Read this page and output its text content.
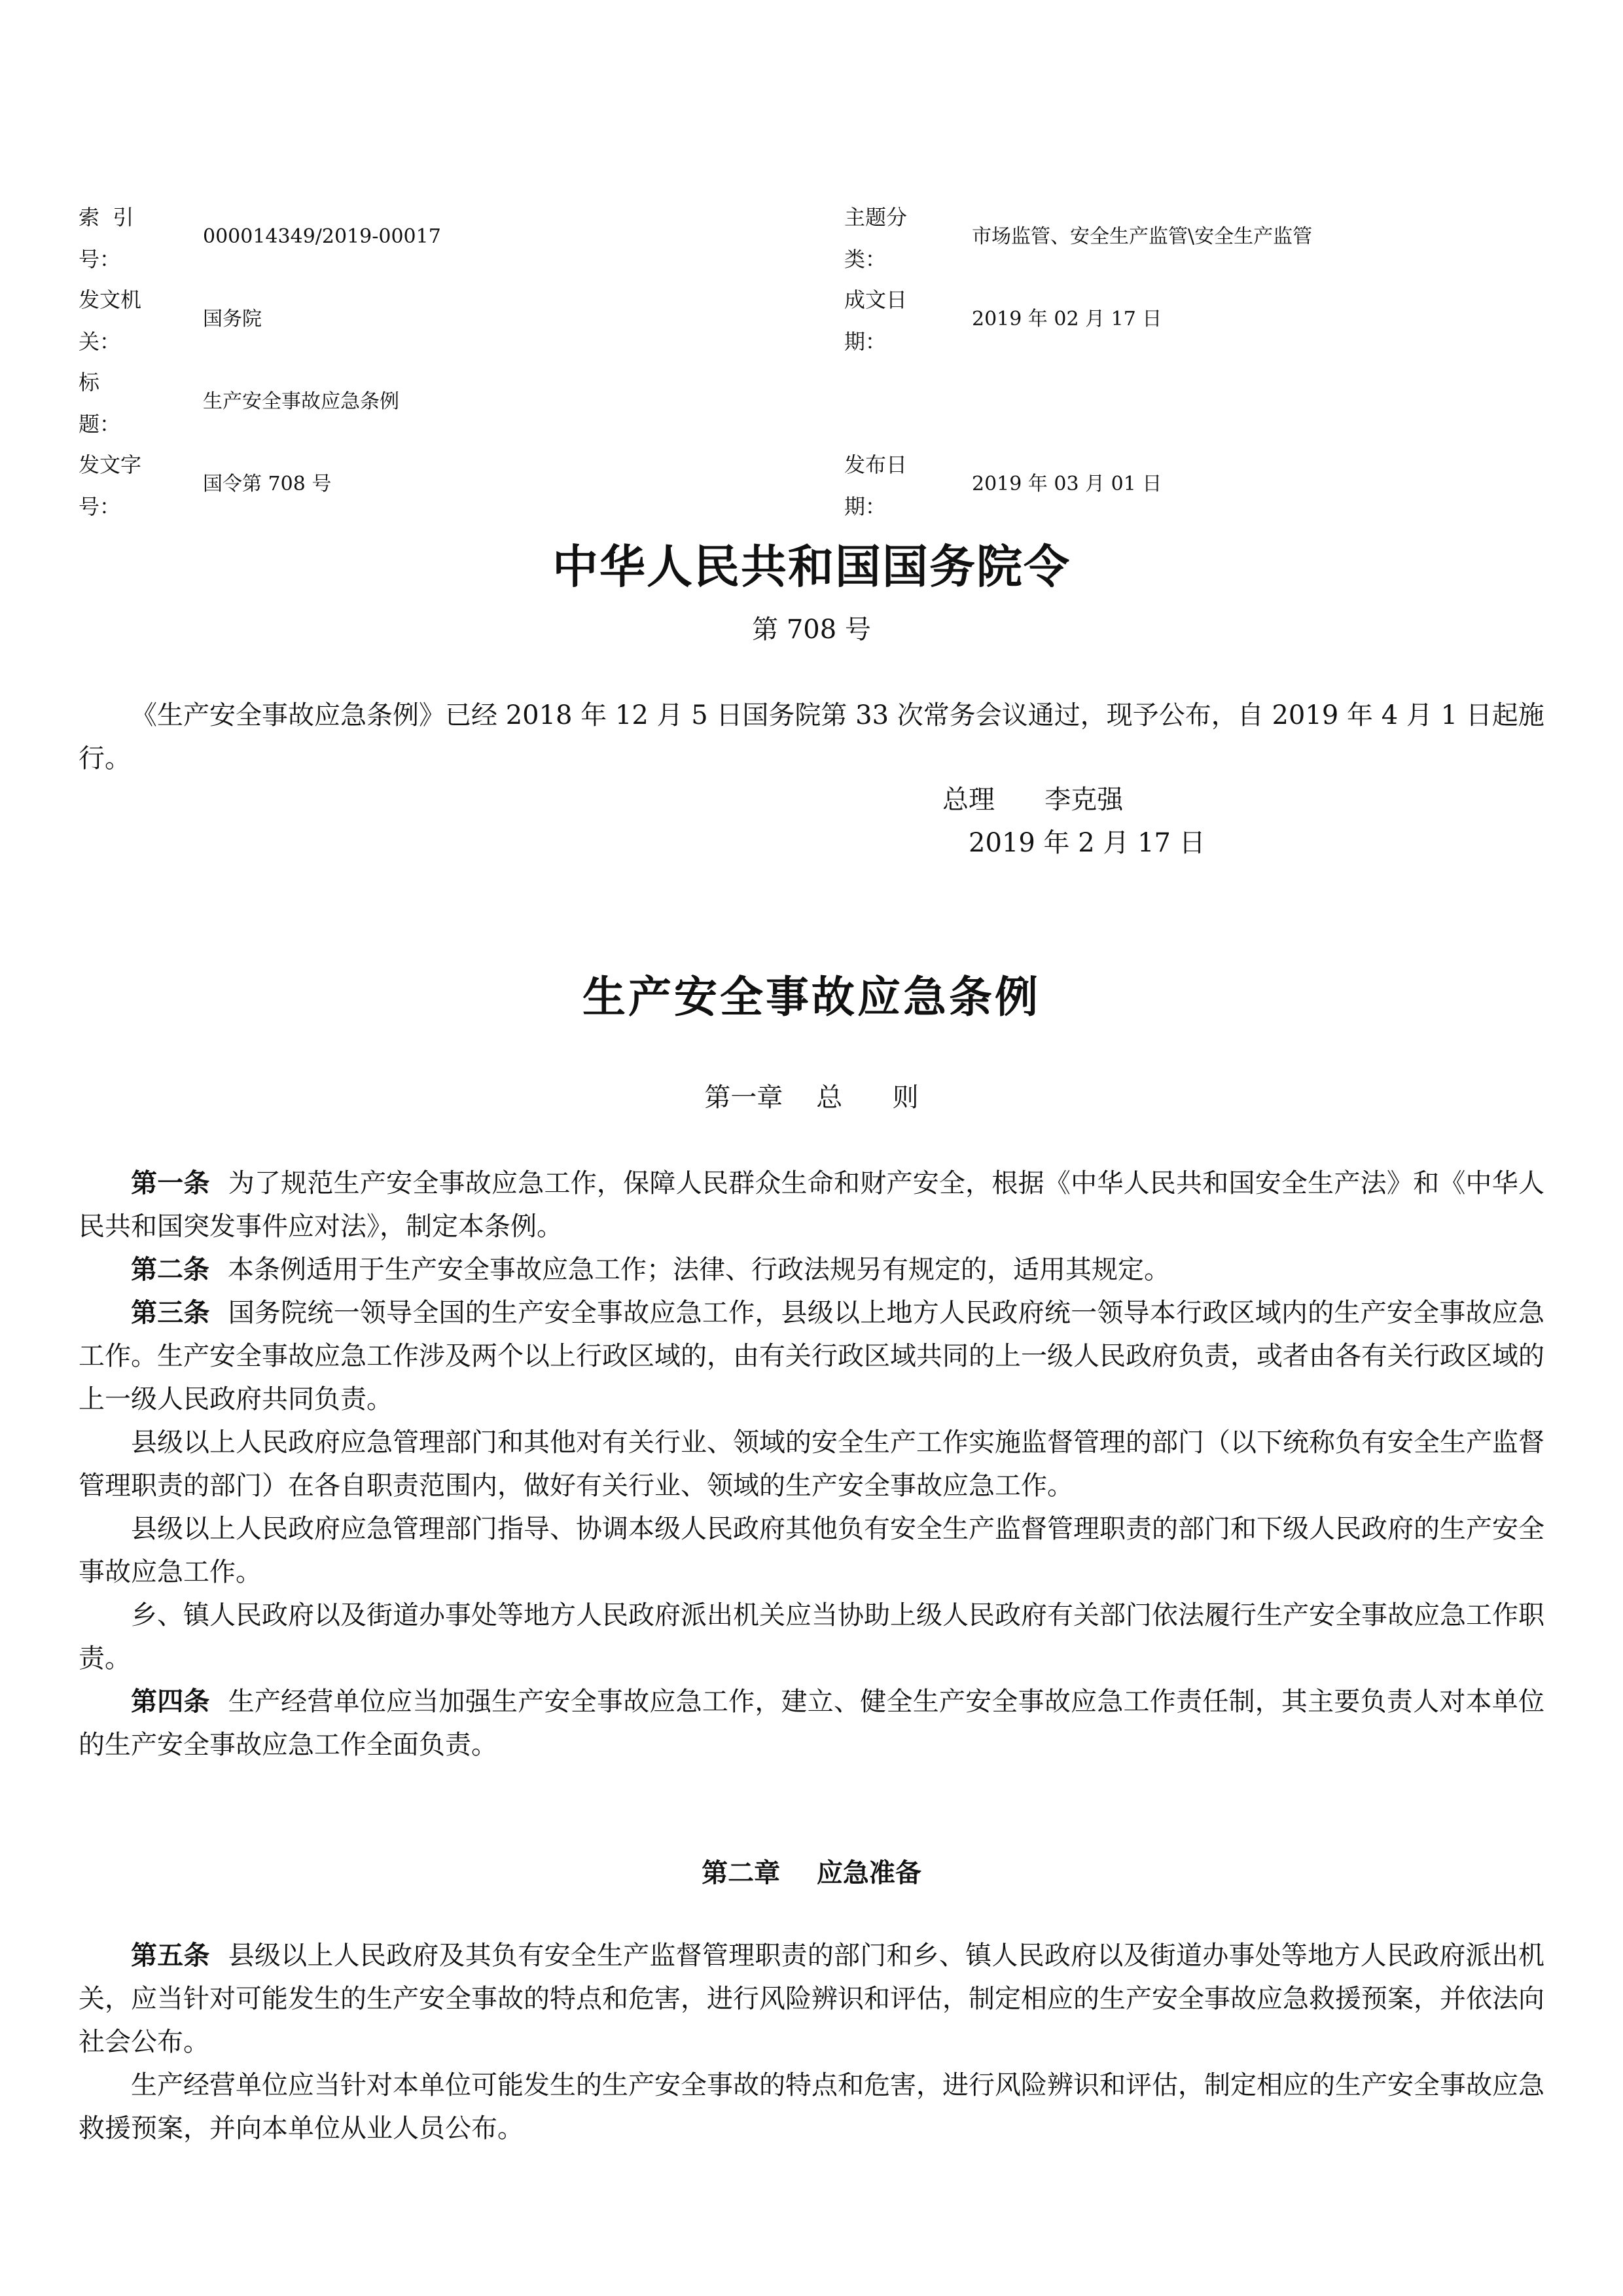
索  引
号：
000014349/2019-00017
主题分
类：
市场监管、安全生产监管\安全生产监管
发文机
关：
国务院
成文日
期：
2019 年 02 月 17 日
标
题：
生产安全事故应急条例
发文字
号：
国令第 708 号
发布日
期：
2019 年 03 月 01 日
中华人民共和国国务院令
第 708 号

《生产安全事故应急条例》已经 2018 年 12 月 5 日国务院第 33 次常务会议通过，现予公布，自 2019 年 4 月 1 日起施行。

总理      李克强
2019 年 2 月 17 日
生产安全事故应急条例
第一章    总      则

第一条 为了规范生产安全事故应急工作，保障人民群众生命和财产安全，根据《中华人民共和国安全生产法》和《中华人民共和国突发事件应对法》，制定本条例。

第二条 本条例适用于生产安全事故应急工作；法律、行政法规另有规定的，适用其规定。

第三条 国务院统一领导全国的生产安全事故应急工作，县级以上地方人民政府统一领导本行政区域内的生产安全事故应急工作。生产安全事故应急工作涉及两个以上行政区域的，由有关行政区域共同的上一级人民政府负责，或者由各有关行政区域的上一级人民政府共同负责。

县级以上人民政府应急管理部门和其他对有关行业、领域的安全生产工作实施监督管理的部门（以下统称负有安全生产监督管理职责的部门）在各自职责范围内，做好有关行业、领域的生产安全事故应急工作。

县级以上人民政府应急管理部门指导、协调本级人民政府其他负有安全生产监督管理职责的部门和下级人民政府的生产安全事故应急工作。

乡、镇人民政府以及街道办事处等地方人民政府派出机关应当协助上级人民政府有关部门依法履行生产安全事故应急工作职责。

第四条 生产经营单位应当加强生产安全事故应急工作，建立、健全生产安全事故应急工作责任制，其主要负责人对本单位的生产安全事故应急工作全面负责。

第二章    应急准备

第五条 县级以上人民政府及其负有安全生产监督管理职责的部门和乡、镇人民政府以及街道办事处等地方人民政府派出机关，应当针对可能发生的生产安全事故的特点和危害，进行风险辨识和评估，制定相应的生产安全事故应急救援预案，并依法向社会公布。

生产经营单位应当针对本单位可能发生的生产安全事故的特点和危害，进行风险辨识和评估，制定相应的生产安全事故应急救援预案，并向本单位从业人员公布。
